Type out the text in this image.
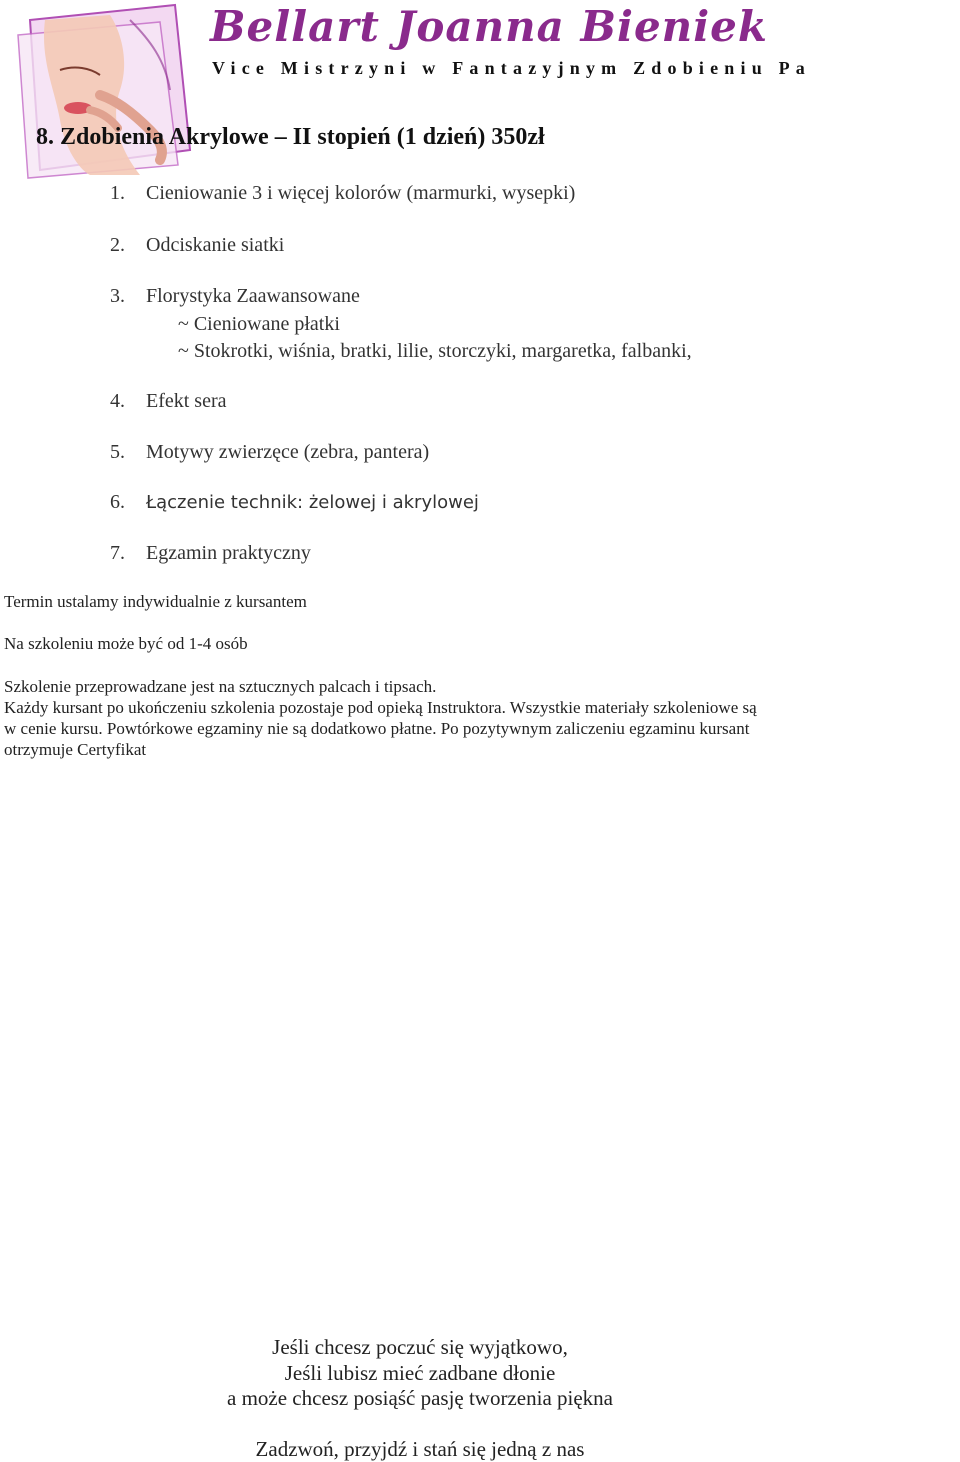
Bellart Joanna Bieniek
Vice Mistrzyni w Fantazyjnym Zdobieniu Pa
8. Zdobienia Akrylowe – II stopień (1 dzień) 350zł
1. Cieniowanie 3 i więcej kolorów (marmurki, wysepki)
2. Odciskanie siatki
3. Florystyka Zaawansowane
~ Cieniowane płatki
~ Stokrotki, wiśnia, bratki, lilie, storczyki, margaretka, falbanki,
4. Efekt sera
5. Motywy zwierzęce (zebra, pantera)
6. Łączenie technik: żelowej i akrylowej
7. Egzamin praktyczny
Termin ustalamy indywidualnie z kursantem
Na szkoleniu może być od 1-4 osób
Szkolenie przeprowadzane jest na sztucznych palcach i tipsach.
Każdy kursant po ukończeniu szkolenia pozostaje pod opieką Instruktora. Wszystkie materiały szkoleniowe są
w cenie kursu. Powtórkowe egzaminy nie są dodatkowo płatne. Po pozytywnym zaliczeniu egzaminu kursant
otrzymuje Certyfikat
Jeśli chcesz poczuć się wyjątkowo,
Jeśli lubisz mieć zadbane dłonie
a może chcesz posiąść pasję tworzenia piękna
Zadzwoń, przyjdź i stań się jedną z nas
